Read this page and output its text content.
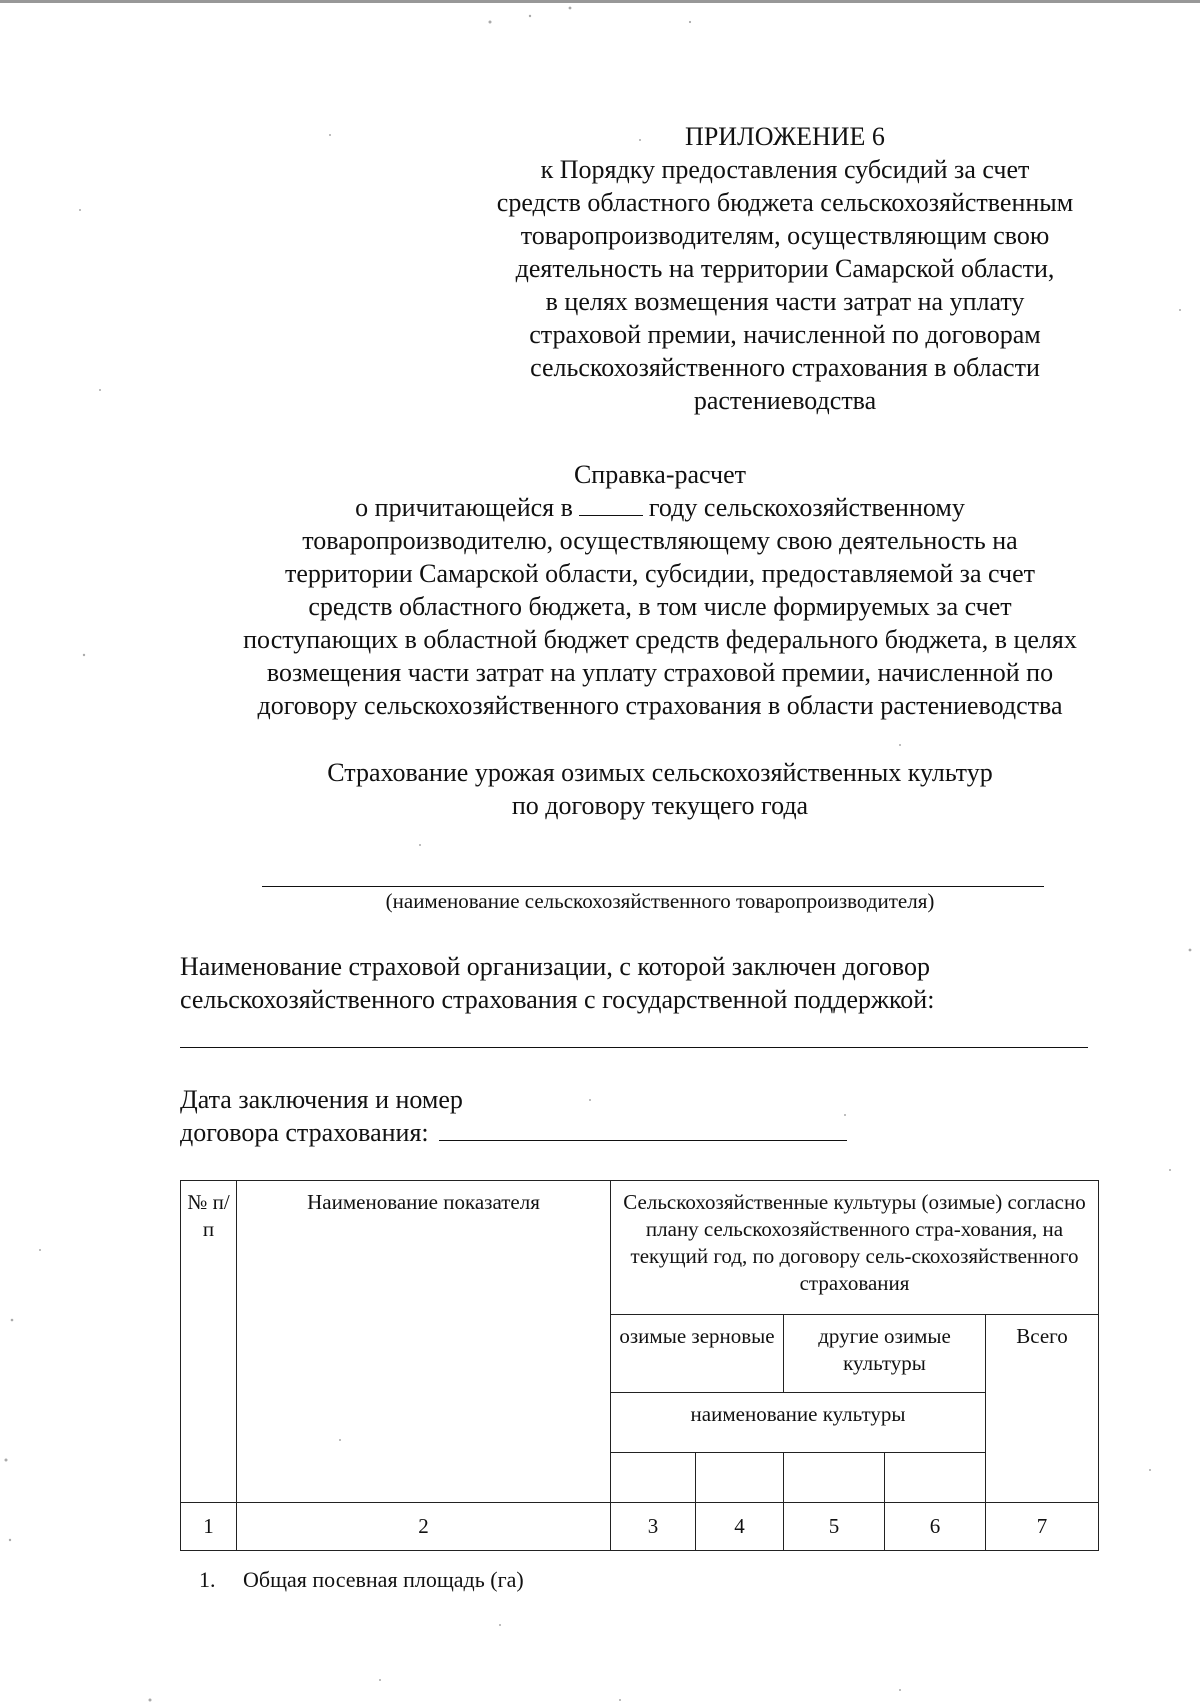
ПРИЛОЖЕНИЕ 6
к Порядку предоставления субсидий за счет
средств областного бюджета сельскохозяйственным
товаропроизводителям, осуществляющим свою
деятельность на территории Самарской области,
в целях возмещения части затрат на уплату
страховой премии, начисленной по договорам
сельскохозяйственного страхования в области
растениеводства
Справка-расчет
о причитающейся в	году сельскохозяйственному
товаропроизводителю, осуществляющему свою деятельность на
территории Самарской области, субсидии, предоставляемой за счет
средств областного бюджета, в том числе формируемых за счет
поступающих в областной бюджет средств федерального бюджета, в целях
возмещения части затрат на уплату страховой премии, начисленной по
договору сельскохозяйственного страхования в области растениеводства
Страхование урожая озимых сельскохозяйственных культур
по договору текущего года
(наименование сельскохозяйственного товаропроизводителя)
Наименование страховой организации, с которой заключен договор
сельскохозяйственного страхования с государственной поддержкой:
Дата заключения и номер
договора страхования:
№ п/п	Наименование показателя	Сельскохозяйственные культуры (озимые) согласно плану сельскохозяйственного стра-хования, на текущий год, по договору сель-скохозяйственного страхования				
		озимые зерновые		другие озимые культуры		Всего
		наименование культуры				

1	2	3	4	5	6	7
1. Общая посевная площадь (га)
